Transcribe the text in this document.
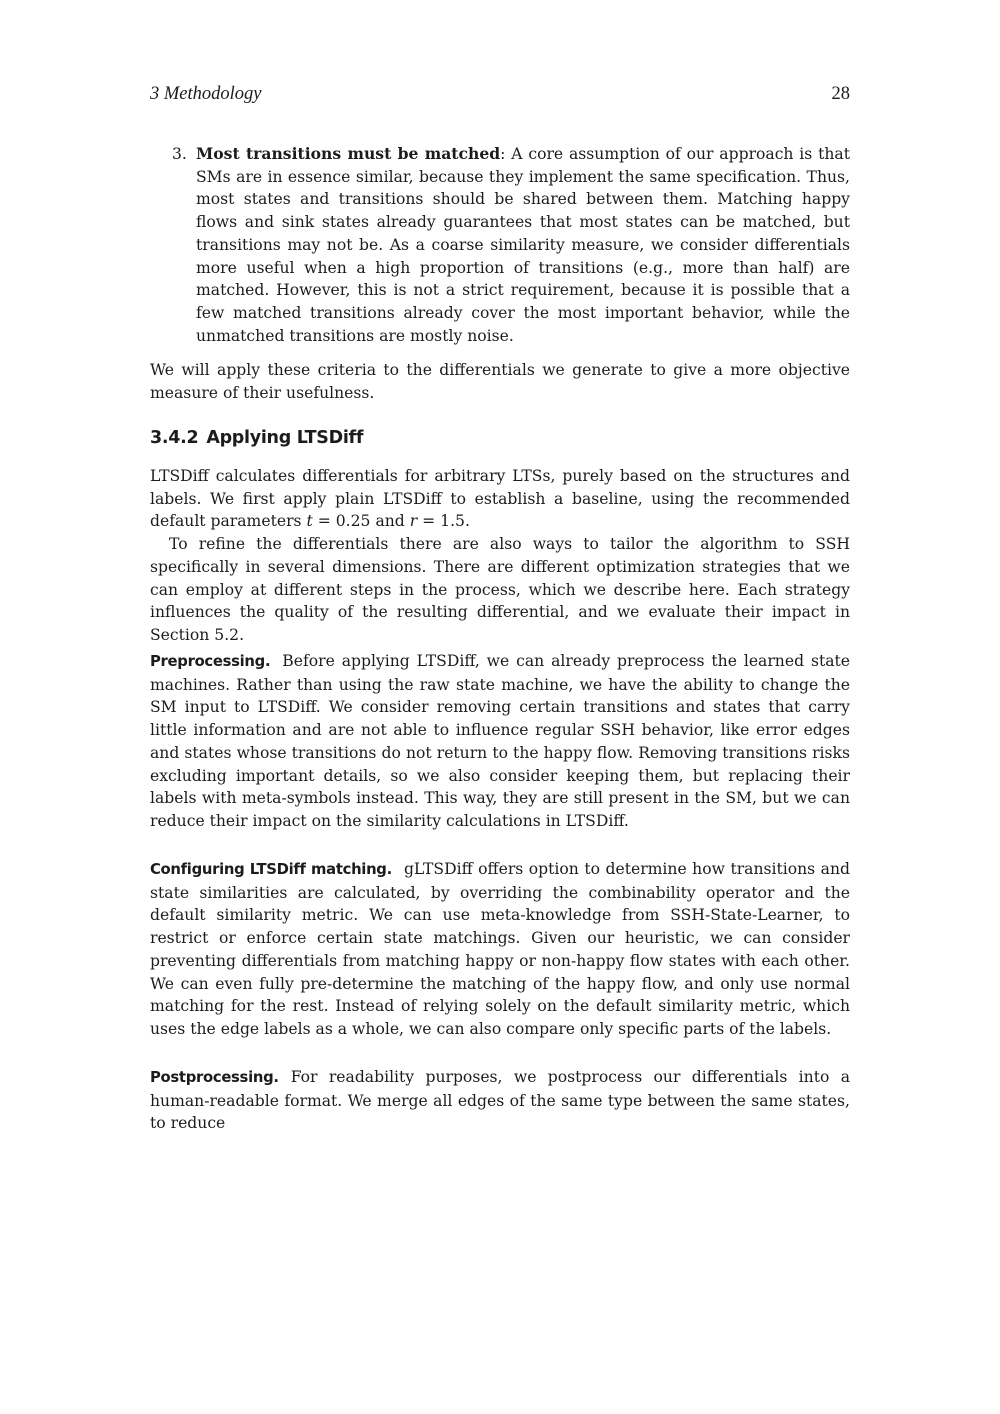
3 Methodology	28
3. Most transitions must be matched: A core assumption of our approach is that SMs are in essence similar, because they implement the same specification. Thus, most states and transitions should be shared between them. Matching happy flows and sink states already guarantees that most states can be matched, but transitions may not be. As a coarse similarity measure, we consider differentials more useful when a high proportion of transitions (e.g., more than half) are matched. However, this is not a strict requirement, because it is possible that a few matched transitions already cover the most important behavior, while the unmatched transitions are mostly noise.

We will apply these criteria to the differentials we generate to give a more objective measure of their usefulness.

3.4.2 Applying LTSDiff

LTSDiff calculates differentials for arbitrary LTSs, purely based on the structures and labels. We first apply plain LTSDiff to establish a baseline, using the recommended default parameters t = 0.25 and r = 1.5.

To refine the differentials there are also ways to tailor the algorithm to SSH specifically in several dimensions. There are different optimization strategies that we can employ at different steps in the process, which we describe here. Each strategy influences the quality of the resulting differential, and we evaluate their impact in Section 5.2.

Preprocessing. Before applying LTSDiff, we can already preprocess the learned state machines. Rather than using the raw state machine, we have the ability to change the SM input to LTSDiff. We consider removing certain transitions and states that carry little information and are not able to influence regular SSH behavior, like error edges and states whose transitions do not return to the happy flow. Removing transitions risks excluding important details, so we also consider keeping them, but replacing their labels with meta-symbols instead. This way, they are still present in the SM, but we can reduce their impact on the similarity calculations in LTSDiff.

Configuring LTSDiff matching. gLTSDiff offers option to determine how transitions and state similarities are calculated, by overriding the combinability operator and the default similarity metric. We can use meta-knowledge from SSH-State-Learner, to restrict or enforce certain state matchings. Given our heuristic, we can consider preventing differentials from matching happy or non-happy flow states with each other. We can even fully pre-determine the matching of the happy flow, and only use normal matching for the rest. Instead of relying solely on the default similarity metric, which uses the edge labels as a whole, we can also compare only specific parts of the labels.

Postprocessing. For readability purposes, we postprocess our differentials into a human-readable format. We merge all edges of the same type between the same states, to reduce
